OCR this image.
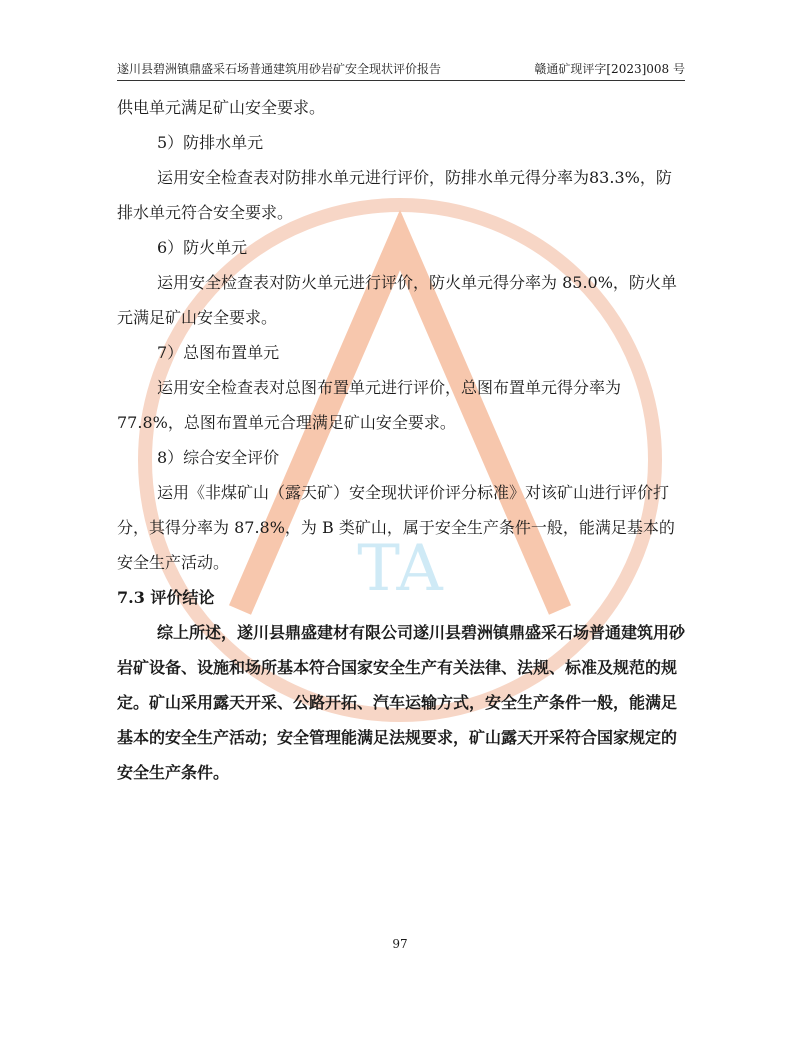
TA
遂川县碧洲镇鼎盛采石场普通建筑用砂岩矿安全现状评价报告	赣通矿现评字[2023]008 号

供电单元满足矿山安全要求。

5）防排水单元

运用安全检查表对防排水单元进行评价，防排水单元得分率为83.3%，防排水单元符合安全要求。

6）防火单元

运用安全检查表对防火单元进行评价，防火单元得分率为 85.0%，防火单元满足矿山安全要求。

7）总图布置单元

运用安全检查表对总图布置单元进行评价，总图布置单元得分率为77.8%，总图布置单元合理满足矿山安全要求。

8）综合安全评价

运用《非煤矿山（露天矿）安全现状评价评分标准》对该矿山进行评价打分，其得分率为 87.8%，为 B 类矿山，属于安全生产条件一般，能满足基本的安全生产活动。

7.3 评价结论

综上所述，遂川县鼎盛建材有限公司遂川县碧洲镇鼎盛采石场普通建筑用砂岩矿设备、设施和场所基本符合国家安全生产有关法律、法规、标准及规范的规定。矿山采用露天开采、公路开拓、汽车运输方式，安全生产条件一般，能满足基本的安全生产活动；安全管理能满足法规要求，矿山露天开采符合国家规定的安全生产条件。

97
